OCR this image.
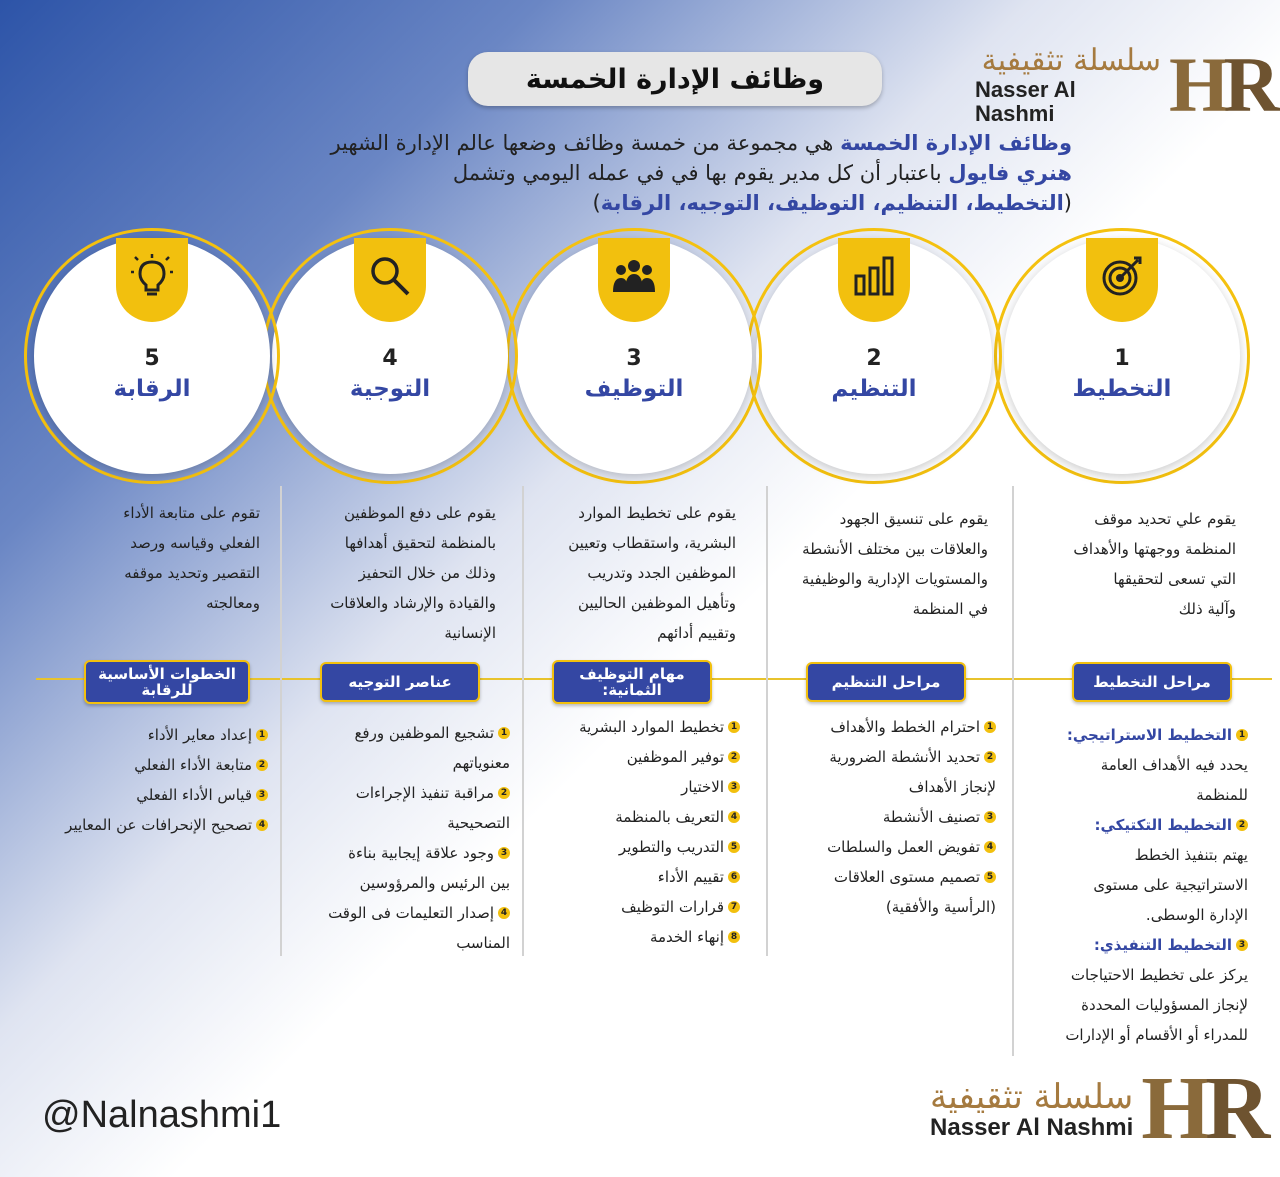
وظائف الإدارة الخمسة
سلسلة تثقيفية
Nasser Al Nashmi	H
R
وظائف الإدارة الخمسة هي مجموعة من خمسة وظائف وضعها عالم الإدارة الشهير
هنري فايول باعتبار أن كل مدير يقوم بها في في عمله اليومي وتشمل
(التخطيط، التنظيم، التوظيف، التوجيه، الرقابة)
1
التخطيط
2
التنظيم
3
التوظيف
4
التوجية
5
الرقابة
يقوم علي تحديد موقف
المنظمة ووجهتها والأهداف
التي تسعى لتحقيقها
وآلية ذلك
يقوم على تنسيق الجهود
والعلاقات بين مختلف الأنشطة
والمستويات الإدارية والوظيفية
في المنظمة
يقوم على تخطيط الموارد
البشرية، واستقطاب وتعيين
الموظفين الجدد وتدريب
وتأهيل الموظفين الحاليين
وتقييم أدائهم
يقوم على دفع الموظفين
بالمنظمة لتحقيق أهدافها
وذلك من خلال التحفيز
والقيادة والإرشاد والعلاقات
الإنسانية
تقوم على متابعة الأداء
الفعلي وقياسه ورصد
التقصير وتحديد موقفه
ومعالجته
مراحل التخطيط
مراحل التنظيم
مهام التوظيف الثمانية:
عناصر التوجيه
الخطوات الأساسية للرقابة
1
التخطيط الاستراتيجي:
يحدد فيه الأهداف العامة
للمنظمة
2
التخطيط التكتيكي:
يهتم بتنفيذ الخطط
الاستراتيجية على مستوى
الإدارة الوسطى.
3
التخطيط التنفيذي:
يركز على تخطيط الاحتياجات
لإنجاز المسؤوليات المحددة
للمدراء أو الأقسام أو الإدارات
1
احترام الخطط والأهداف
2
تحديد الأنشطة الضرورية
لإنجاز الأهداف
3
تصنيف الأنشطة
4
تفويض العمل والسلطات
5
تصميم مستوى العلاقات
(الرأسية والأفقية)
1
تخطيط الموارد البشرية
2
توفير الموظفين
3
الاختيار
4
التعريف بالمنظمة
5
التدريب والتطوير
6
تقييم الأداء
7
قرارات التوظيف
8
إنهاء الخدمة
1
تشجيع الموظفين ورفع
معنوياتهم
2
مراقبة تنفيذ الإجراءات
التصحيحية
3
وجود علاقة إيجابية بناءة
بين الرئيس والمرؤوسين
4
إصدار التعليمات فى الوقت
المناسب
1
إعداد معاير الأداء
2
متابعة الأداء الفعلي
3
قياس الأداء الفعلي
4
تصحيح الإنحرافات عن المعايير
@Nalnashmi1	سلسلة تثقيفية
Nasser Al Nashmi H
R
